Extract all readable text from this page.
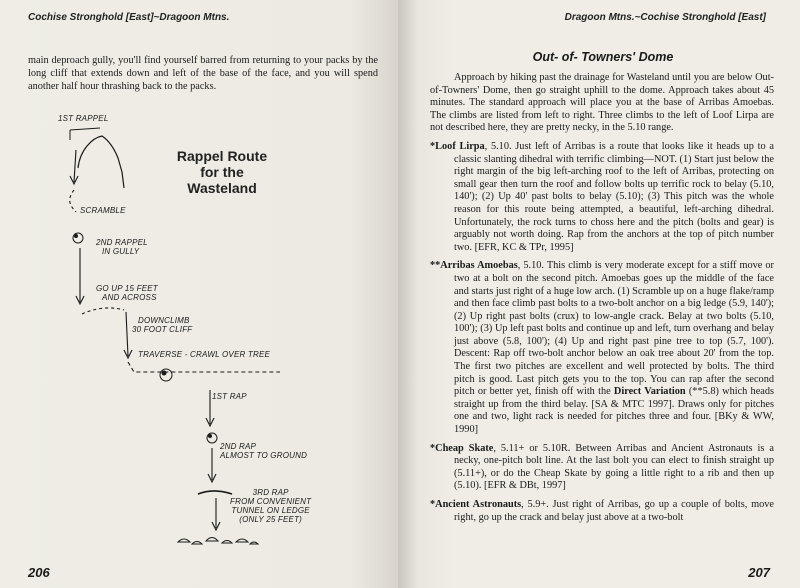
Cochise Stronghold [East]~Dragoon Mtns.
main deproach gully, you'll find yourself barred from returning to your packs by the long cliff that extends down and left of the base of the face, and you will spend another half hour thrashing back to the packs.
Rappel Route
for the
Wasteland
1ST RAPPEL
SCRAMBLE
2ND RAPPEL
IN GULLY
GO UP 15 FEET
AND ACROSS
DOWNCLIMB
30 FOOT CLIFF
TRAVERSE - CRAWL OVER TREE
1ST RAP
2ND RAP
ALMOST TO GROUND
3RD RAP
FROM CONVENIENT
TUNNEL ON LEDGE
(ONLY 25 FEET)
206
Dragoon Mtns.~Cochise Stronghold [East]
Out- of- Towners' Dome

Approach by hiking past the drainage for Wasteland until you are below Out-of-Towners' Dome, then go straight uphill to the dome. Approach takes about 45 minutes. The standard approach will place you at the base of Arribas Amoebas. The climbs are listed from left to right. Three climbs to the left of Loof Lirpa are not described here, they are pretty necky, in the 5.10 range.

*Loof Lirpa, 5.10. Just left of Arribas is a route that looks like it heads up to a classic slanting dihedral with terrific climbing—NOT. (1) Start just below the right margin of the big left-arching roof to the left of Arribas, protecting on small gear then turn the roof and follow bolts up terrific rock to belay (5.10, 140'); (2) Up 40' past bolts to belay (5.10); (3) This pitch was the whole reason for this route being attempted, a beautiful, left-arching dihedral. Unfortunately, the rock turns to choss here and the pitch (bolts and gear) is arguably not worth doing. Rap from the anchors at the top of pitch number two. [EFR, KC & TPr, 1995]

**Arribas Amoebas, 5.10. This climb is very moderate except for a stiff move or two at a bolt on the second pitch. Amoebas goes up the middle of the face and starts just right of a huge low arch. (1) Scramble up on a huge flake/ramp and then face climb past bolts to a two-bolt anchor on a big ledge (5.9, 140'); (2) Up right past bolts (crux) to low-angle crack. Belay at two bolts (5.10, 100'); (3) Up left past bolts and continue up and left, turn overhang and belay just above (5.8, 100'); (4) Up and right past pine tree to top (5.7, 100'). Descent: Rap off two-bolt anchor below an oak tree about 20' from the top. The first two pitches are excellent and well protected by bolts. The third pitch is good. Last pitch gets you to the top. You can rap after the second pitch or better yet, finish off with the Direct Variation (**5.8) which heads straight up from the third belay. [SA & MTC 1997]. Draws only for pitches one and two, light rack is needed for pitches three and four. [BKy & WW, 1990]

*Cheap Skate, 5.11+ or 5.10R. Between Arribas and Ancient Astronauts is a necky, one-pitch bolt line. At the last bolt you can elect to finish straight up (5.11+), or do the Cheap Skate by going a little right to a rib and then up (5.10). [EFR & DBt, 1997]

*Ancient Astronauts, 5.9+. Just right of Arribas, go up a couple of bolts, move right, go up the crack and belay just above at a two-bolt

207
